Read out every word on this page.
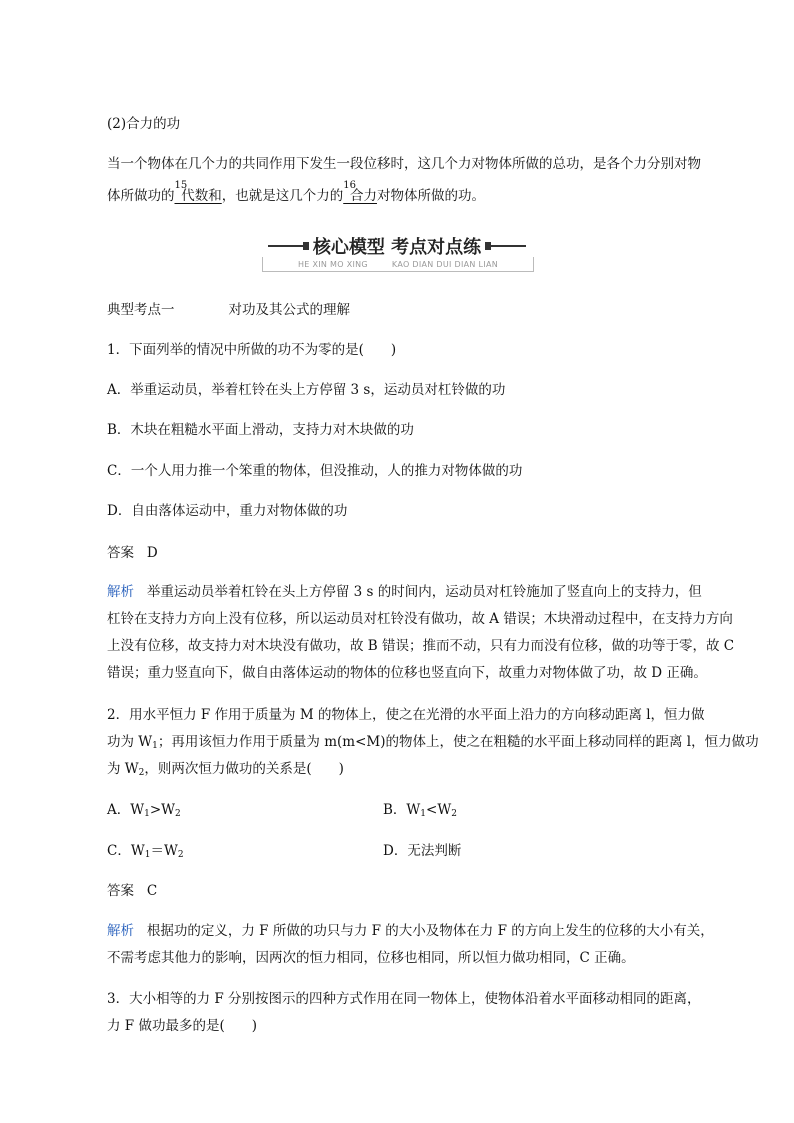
(2)合力的功
当一个物体在几个力的共同作用下发生一段位移时，这几个力对物体所做的总功，是各个力分别对物
体所做功的$^{15}$代数和，也就是这几个力的$^{16}$合力对物体所做的功。
核心模型 考点对点练
HE XIN MO XING	KAO DIAN DUI DIAN LIAN
典型考点一	对功及其公式的理解
1．下面列举的情况中所做的功不为零的是(　　)
A．举重运动员，举着杠铃在头上方停留 3 s，运动员对杠铃做的功
B．木块在粗糙水平面上滑动，支持力对木块做的功
C．一个人用力推一个笨重的物体，但没推动，人的推力对物体做的功
D．自由落体运动中，重力对物体做的功
答案 D
解析 举重运动员举着杠铃在头上方停留 3 s 的时间内，运动员对杠铃施加了竖直向上的支持力，但
杠铃在支持力方向上没有位移，所以运动员对杠铃没有做功，故 A 错误；木块滑动过程中，在支持力方向
上没有位移，故支持力对木块没有做功，故 B 错误；推而不动，只有力而没有位移，做的功等于零，故 C
错误；重力竖直向下，做自由落体运动的物体的位移也竖直向下，故重力对物体做了功，故 D 正确。
2．用水平恒力 F 作用于质量为 M 的物体上，使之在光滑的水平面上沿力的方向移动距离 l，恒力做
功为 $W_1$；再用该恒力作用于质量为 m(m<M)的物体上，使之在粗糙的水平面上移动同样的距离 l，恒力做功
为 $W_2$，则两次恒力做功的关系是(　　)
A．$W_1>W_2$	B．$W_1<W_2$
C．$W_1=W_2$	D．无法判断
答案 C
解析 根据功的定义，力 F 所做的功只与力 F 的大小及物体在力 F 的方向上发生的位移的大小有关，
不需考虑其他力的影响，因两次的恒力相同，位移也相同，所以恒力做功相同，C 正确。
3．大小相等的力 F 分别按图示的四种方式作用在同一物体上，使物体沿着水平面移动相同的距离，
力 F 做功最多的是(　　)
